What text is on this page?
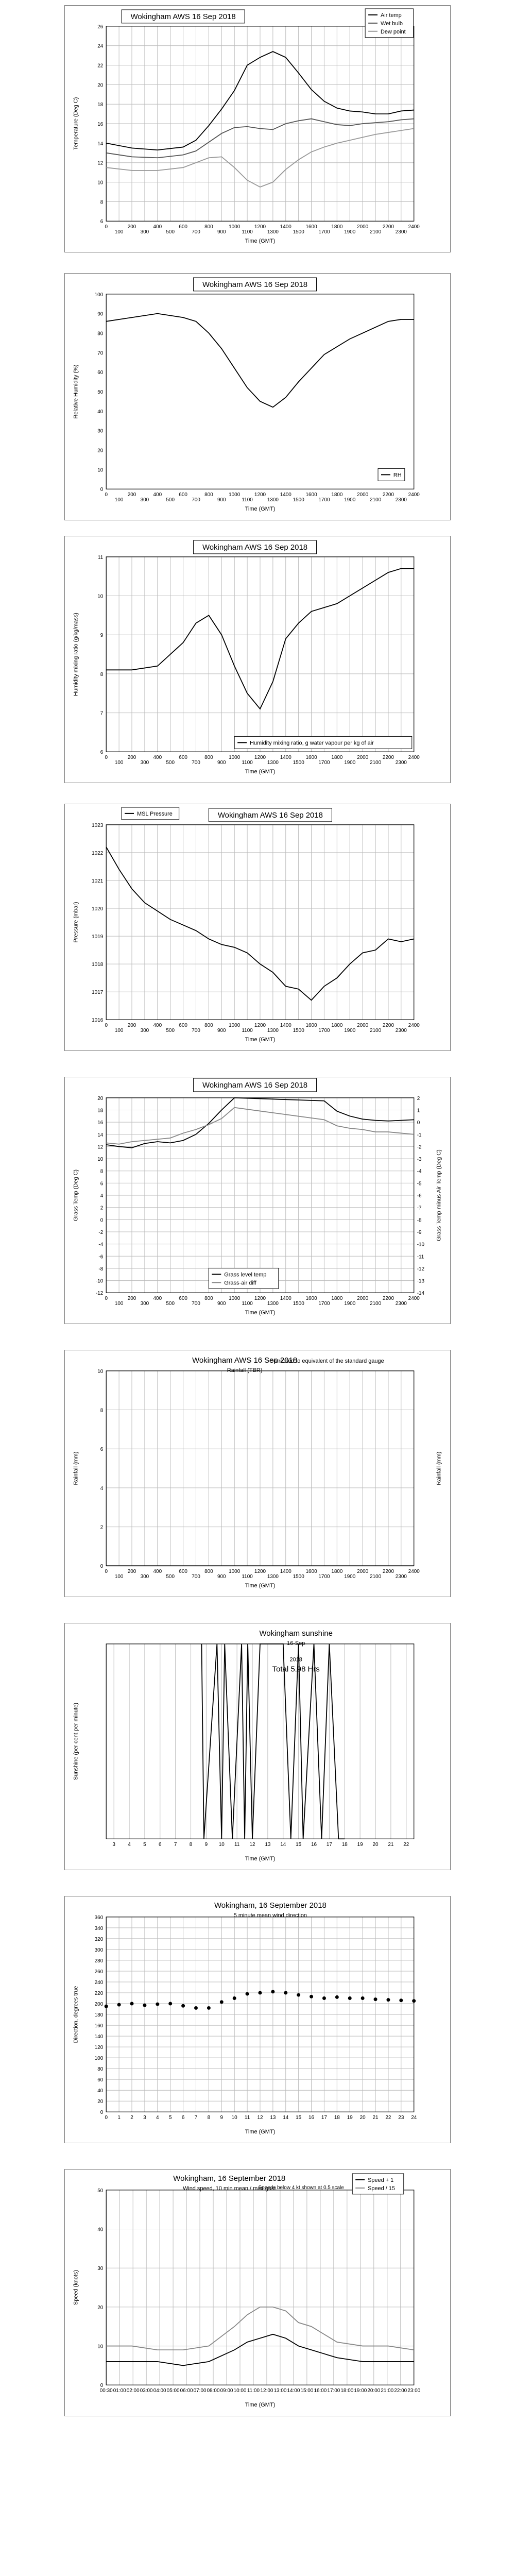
6
8
10
12
14
16
18
20
22
24
26
0
100
200
300
400
500
600
700
800
900
1000
1100
1200
1300
1400
1500
1600
1700
1800
1900
2000
2100
2200
2300
2400
Time (GMT)
Temperature (Deg C)
Wokingham AWS 16 Sep 2018	Air temp
Wet bulb
Dew point
0
10
20
30
40
50
60
70
80
90
100
0
100
200
300
400
500
600
700
800
900
1000
1100
1200
1300
1400
1500
1600
1700
1800
1900
2000
2100
2200
2300
2400
Time (GMT)
Relative Humidity (%)
Wokingham AWS 16 Sep 2018
RH
6
7
8
9
10
11
0
100
200
300
400
500
600
700
800
900
1000
1100
1200
1300
1400
1500
1600
1700
1800
1900
2000
2100
2200
2300
2400
Time (GMT)
Humidity mixing ratio (g/kg/mass)
Wokingham AWS 16 Sep 2018
Humidity mixing ratio, g water vapour per kg of air
1016
1017
1018
1019
1020
1021
1022
1023
0
100
200
300
400
500
600
700
800
900
1000
1100
1200
1300
1400
1500
1600
1700
1800
1900
2000
2100
2200
2300
2400
Time (GMT)
Pressure (mbar)
Wokingham AWS 16 Sep 2018
MSL Pressure
-12
-10
-8
-6
-4
-2
0
2
4
6
8
10
12
14
16
18
20
-14
-13
-12
-11
-10
-9
-8
-7
-6
-5
-4
-3
-2
-1
0
1
2
0
100
200
300
400
500
600
700
800
900
1000
1100
1200
1300
1400
1500
1600
1700
1800
1900
2000
2100
2200
2300
2400
Time (GMT)
Grass Temp (Deg C)	Grass Temp minus Air Temp (Deg C)
Wokingham AWS 16 Sep 2018
Grass level temp
Grass-air diff
0
2
4
6
8
10
0
100
200
300
400
500
600
700
800
900
1000
1100
1200
1300
1400
1500
1600
1700
1800
1900
2000
2100
2200
2300
2400
Time (GMT)
Rainfall (mm)	Rainfall (mm)
Wokingham AWS 16 Sep 2018
Rainfall (TBR)
Corrected to equivalent of the standard gauge
3 4 5 6 7 8 9 10 11 12 13 14 15 16 17 18 19 20 21 22
Time (GMT)
Sunshine (per cent per minute)
Wokingham sunshine
16-Sep
2018
Total 5.98 Hrs
0
20
40
60
80
100
120
140
160
180
200
220
240
260
280
300
320
340
360
0 1 2 3 4 5 6 7 8 9 10 11 12 13 14 15 16 17 18 19 20 21 22 23 24
Time (GMT)
Direction, degrees true
Wokingham, 16 September 2018
5 minute mean wind direction
0
10
20
30
40
50
00:30 01:00 02:00 03:00 04:00 05:00 06:00 07:00 08:00 09:00 10:00 11:00 12:00 13:00 14:00 15:00 16:00 17:00 18:00 19:00 20:00 21:00 22:00 23:00
Time (GMT)
Speed (knots)
Wokingham, 16 September 2018
Wind speed, 10 min mean / max gust
Speeds below 4 kt shown at 0.5 scale
Speed + 1
Speed / 15
